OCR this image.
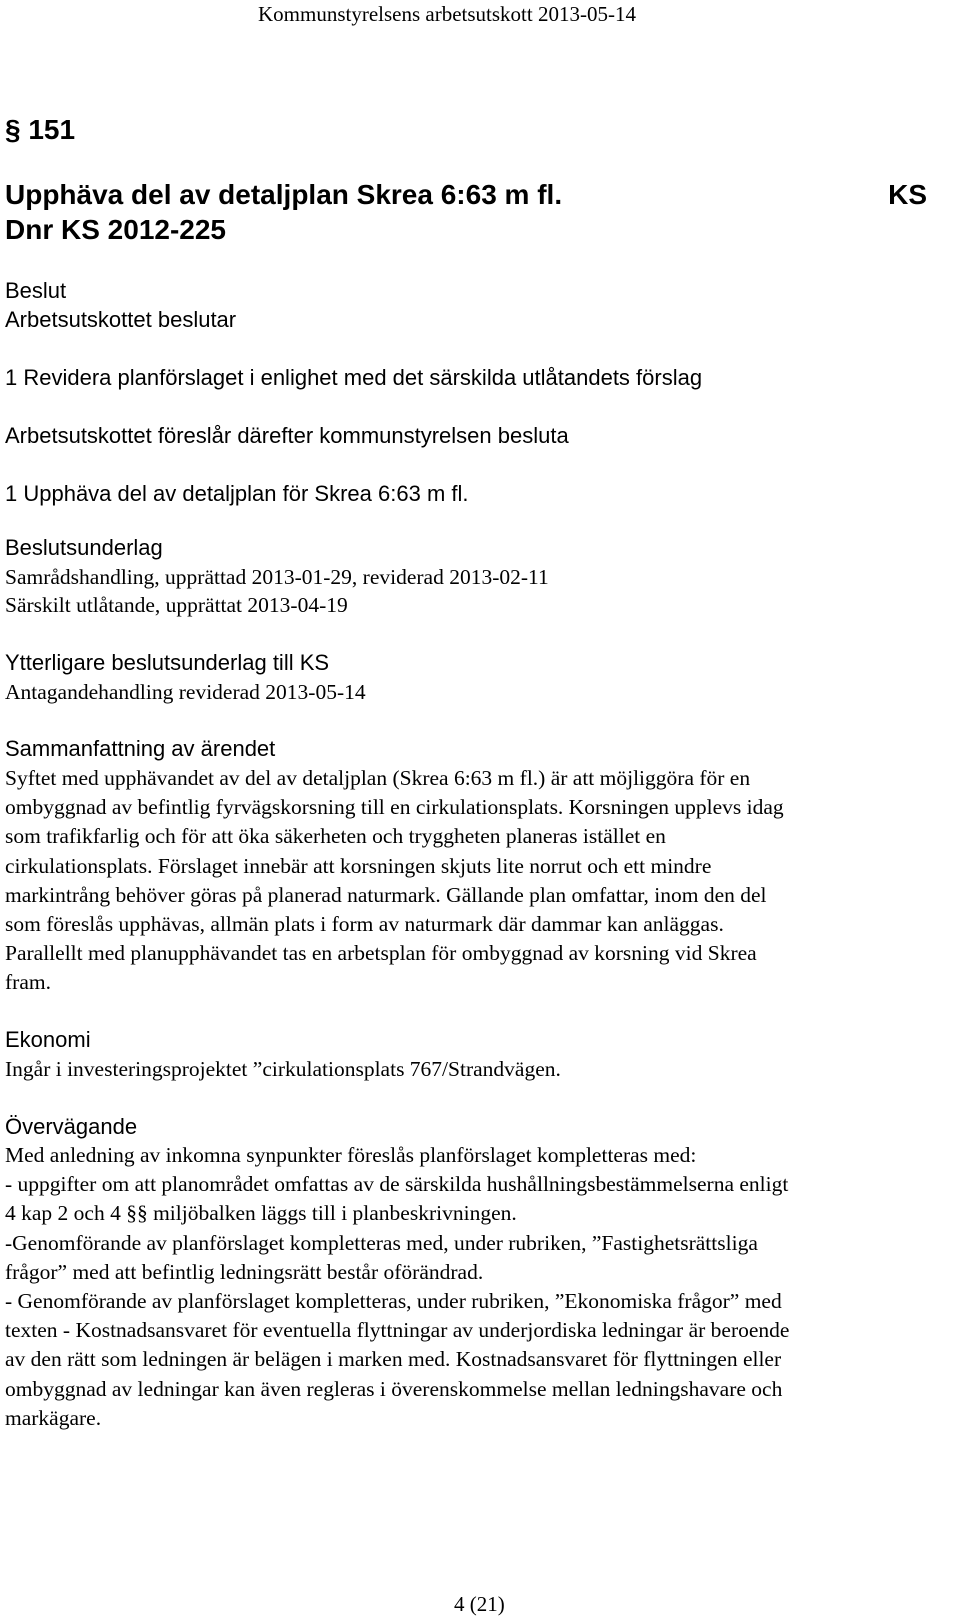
Kommunstyrelsens arbetsutskott 2013-05-14
§ 151
Upphäva del av detaljplan Skrea 6:63 m fl.	KS
Dnr KS 2012-225
Beslut
Arbetsutskottet beslutar
1 Revidera planförslaget i enlighet med det särskilda utlåtandets förslag
Arbetsutskottet föreslår därefter kommunstyrelsen besluta
1 Upphäva del av detaljplan för Skrea 6:63 m fl.
Beslutsunderlag
Samrådshandling, upprättad 2013-01-29, reviderad 2013-02-11
Särskilt utlåtande, upprättat 2013-04-19
Ytterligare beslutsunderlag till KS
Antagandehandling reviderad 2013-05-14
Sammanfattning av ärendet
Syftet med upphävandet av del av detaljplan (Skrea 6:63 m fl.) är att möjliggöra för en
ombyggnad av befintlig fyrvägskorsning till en cirkulationsplats. Korsningen upplevs idag
som trafikfarlig och för att öka säkerheten och tryggheten planeras istället en
cirkulationsplats. Förslaget innebär att korsningen skjuts lite norrut och ett mindre
markintrång behöver göras på planerad naturmark. Gällande plan omfattar, inom den del
som föreslås upphävas, allmän plats i form av naturmark där dammar kan anläggas.
Parallellt med planupphävandet tas en arbetsplan för ombyggnad av korsning vid Skrea
fram.
Ekonomi
Ingår i investeringsprojektet ”cirkulationsplats 767/Strandvägen.
Övervägande
Med anledning av inkomna synpunkter föreslås planförslaget kompletteras med:
- uppgifter om att planområdet omfattas av de särskilda hushållningsbestämmelserna enligt
4 kap 2 och 4 §§ miljöbalken läggs till i planbeskrivningen.
-Genomförande av planförslaget kompletteras med, under rubriken, ”Fastighetsrättsliga
frågor” med att befintlig ledningsrätt består oförändrad.
- Genomförande av planförslaget kompletteras, under rubriken, ”Ekonomiska frågor” med
texten - Kostnadsansvaret för eventuella flyttningar av underjordiska ledningar är beroende
av den rätt som ledningen är belägen i marken med. Kostnadsansvaret för flyttningen eller
ombyggnad av ledningar kan även regleras i överenskommelse mellan ledningshavare och
markägare.
4 (21)
